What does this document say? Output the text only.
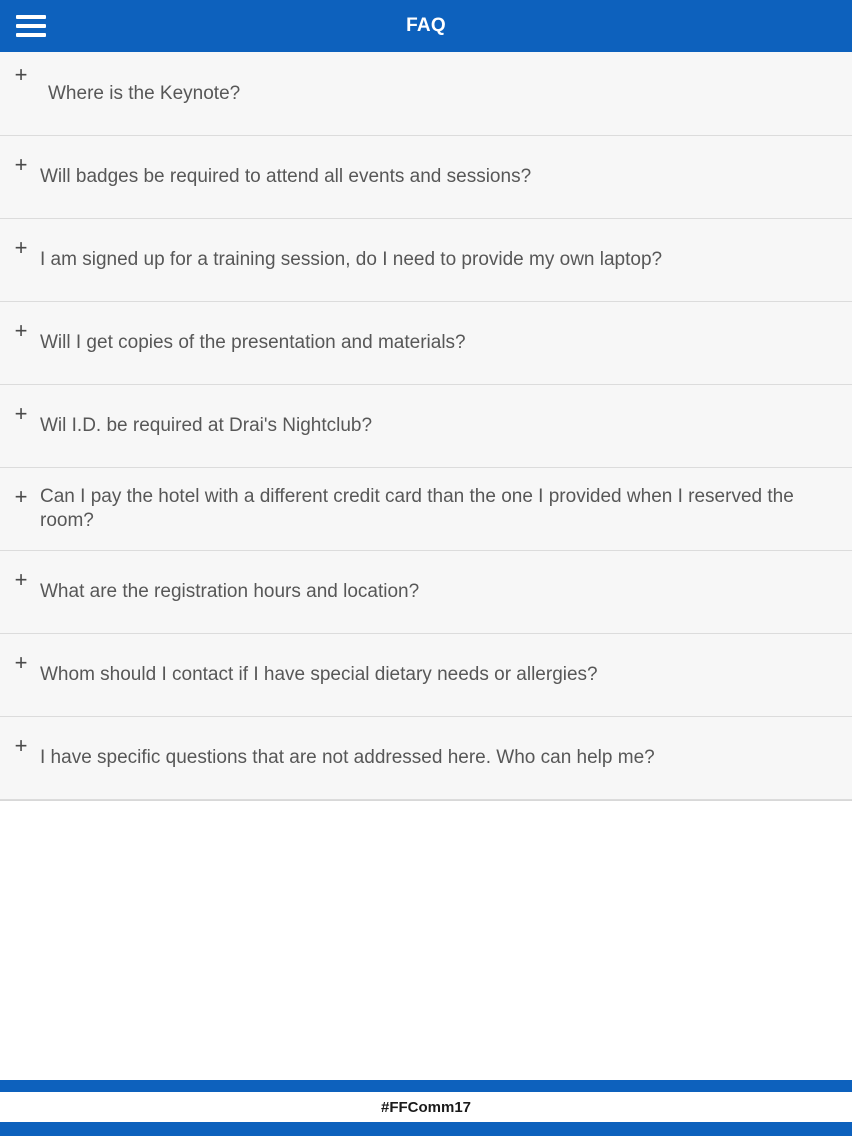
FAQ
+
Where is the Keynote?
+ Will badges be required to attend all events and sessions?
+ I am signed up for a training session, do I need to provide my own laptop?
+ Will I get copies of the presentation and materials?
+ Wil I.D. be required at Drai's Nightclub?
+ Can I pay the hotel with a different credit card than the one I provided when I reserved the room?
+ What are the registration hours and location?
+ Whom should I contact if I have special dietary needs or allergies?
+ I have specific questions that are not addressed here. Who can help me?
#FFComm17
